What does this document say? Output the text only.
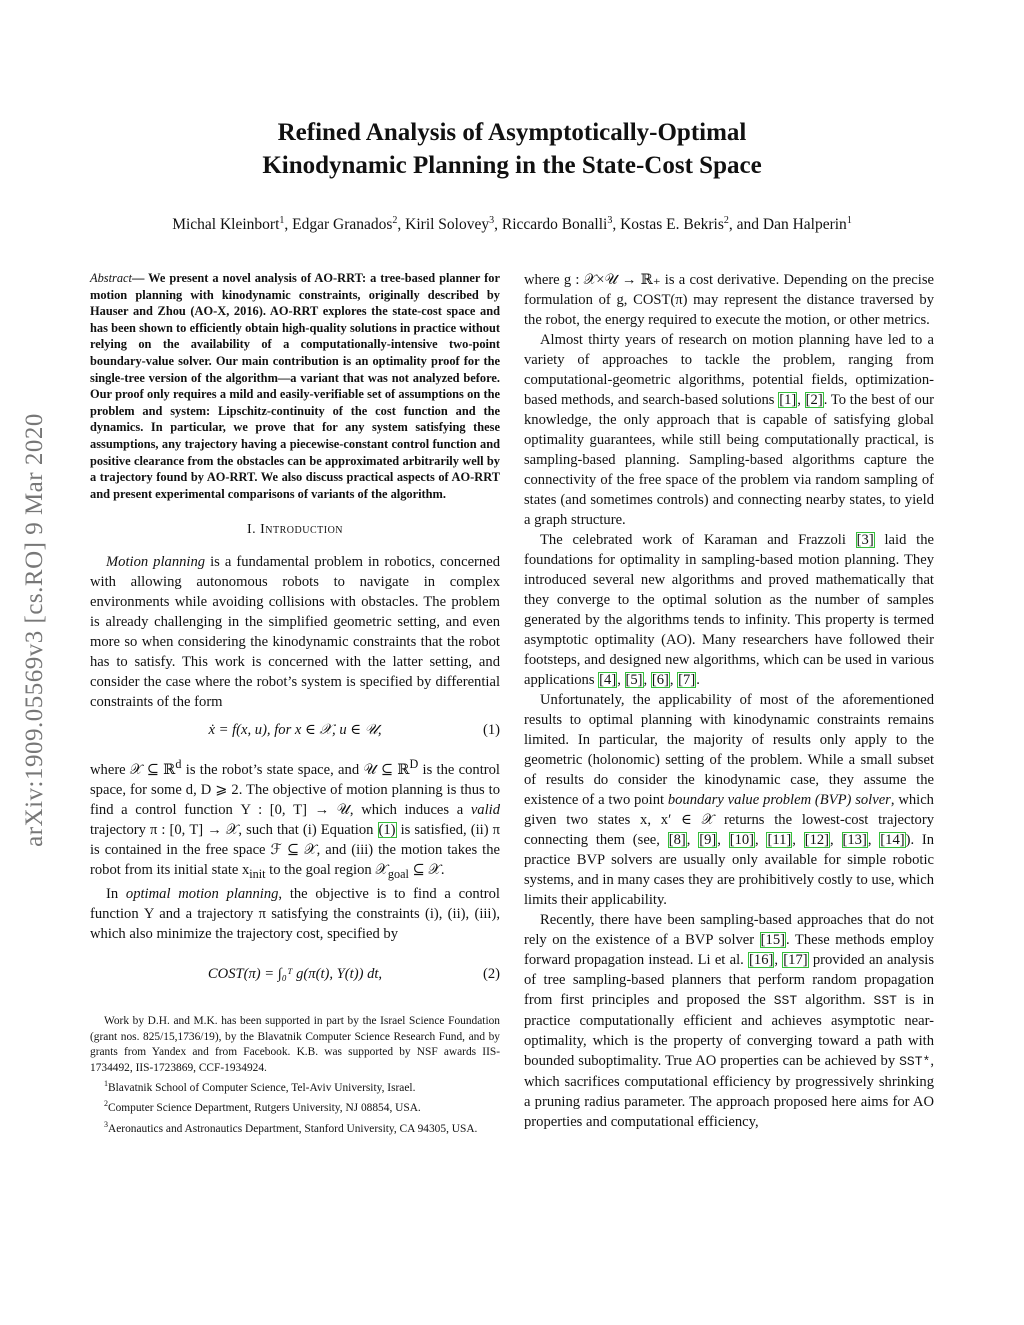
Refined Analysis of Asymptotically-Optimal
Kinodynamic Planning in the State-Cost Space
Michal Kleinbort$^1$, Edgar Granados$^2$, Kiril Solovey$^3$, Riccardo Bonalli$^3$, Kostas E. Bekris$^2$, and Dan Halperin$^1$
arXiv:1909.05569v3 [cs.RO] 9 Mar 2020

Abstract— We present a novel analysis of AO-RRT: a tree-based planner for motion planning with kinodynamic constraints, originally described by Hauser and Zhou (AO-X, 2016). AO-RRT explores the state-cost space and has been shown to efficiently obtain high-quality solutions in practice without relying on the availability of a computationally-intensive two-point boundary-value solver. Our main contribution is an optimality proof for the single-tree version of the algorithm—a variant that was not analyzed before. Our proof only requires a mild and easily-verifiable set of assumptions on the problem and system: Lipschitz-continuity of the cost function and the dynamics. In particular, we prove that for any system satisfying these assumptions, any trajectory having a piecewise-constant control function and positive clearance from the obstacles can be approximated arbitrarily well by a trajectory found by AO-RRT. We also discuss practical aspects of AO-RRT and present experimental comparisons of variants of the algorithm.

I. Introduction

Motion planning is a fundamental problem in robotics, concerned with allowing autonomous robots to navigate in complex environments while avoiding collisions with obstacles. The problem is already challenging in the simplified geometric setting, and even more so when considering the kinodynamic constraints that the robot has to satisfy. This work is concerned with the latter setting, and consider the case where the robot’s system is specified by differential constraints of the form

ẋ = f(x, u), for x ∈ 𝒳, u ∈ 𝒰,	(1)

where 𝒳 ⊆ ℝ$^d$ is the robot’s state space, and 𝒰 ⊆ ℝ$^D$ is the control space, for some d, D ⩾ 2. The objective of motion planning is thus to find a control function Υ : [0, T] → 𝒰, which induces a valid trajectory π : [0, T] → 𝒳, such that (i) Equation (1) is satisfied, (ii) π is contained in the free space ℱ ⊆ 𝒳, and (iii) the motion takes the robot from its initial state $x_{init}$ to the goal region 𝒳$_{goal}$ ⊆ 𝒳.

In optimal motion planning, the objective is to find a control function Υ and a trajectory π satisfying the constraints (i), (ii), (iii), which also minimize the trajectory cost, specified by

COST(π) = ∫₀ᵀ g(π(t), Υ(t)) dt,	(2)

Work by D.H. and M.K. has been supported in part by the Israel Science Foundation (grant nos. 825/15,1736/19), by the Blavatnik Computer Science Research Fund, and by grants from Yandex and from Facebook. K.B. was supported by NSF awards IIS-1734492, IIS-1723869, CCF-1934924.

$^1$Blavatnik School of Computer Science, Tel-Aviv University, Israel.

$^2$Computer Science Department, Rutgers University, NJ 08854, USA.

$^3$Aeronautics and Astronautics Department, Stanford University, CA 94305, USA.

where g : 𝒳×𝒰 → ℝ₊ is a cost derivative. Depending on the precise formulation of g, COST(π) may represent the distance traversed by the robot, the energy required to execute the motion, or other metrics.

Almost thirty years of research on motion planning have led to a variety of approaches to tackle the problem, ranging from computational-geometric algorithms, potential fields, optimization-based methods, and search-based solutions [1], [2]. To the best of our knowledge, the only approach that is capable of satisfying global optimality guarantees, while still being computationally practical, is sampling-based planning. Sampling-based algorithms capture the connectivity of the free space of the problem via random sampling of states (and sometimes controls) and connecting nearby states, to yield a graph structure.

The celebrated work of Karaman and Frazzoli [3] laid the foundations for optimality in sampling-based motion planning. They introduced several new algorithms and proved mathematically that they converge to the optimal solution as the number of samples generated by the algorithms tends to infinity. This property is termed asymptotic optimality (AO). Many researchers have followed their footsteps, and designed new algorithms, which can be used in various applications [4], [5], [6], [7].

Unfortunately, the applicability of most of the aforementioned results to optimal planning with kinodynamic constraints remains limited. In particular, the majority of results only apply to the geometric (holonomic) setting of the problem. While a small subset of results do consider the kinodynamic case, they assume the existence of a two point boundary value problem (BVP) solver, which given two states x, x′ ∈ 𝒳 returns the lowest-cost trajectory connecting them (see, [8], [9], [10], [11], [12], [13], [14]). In practice BVP solvers are usually only available for simple robotic systems, and in many cases they are prohibitively costly to use, which limits their applicability.

Recently, there have been sampling-based approaches that do not rely on the existence of a BVP solver [15]. These methods employ forward propagation instead. Li et al. [16], [17] provided an analysis of tree sampling-based planners that perform random propagation from first principles and proposed the SST algorithm. SST is in practice computationally efficient and achieves asymptotic near-optimality, which is the property of converging toward a path with bounded suboptimality. True AO properties can be achieved by SST*, which sacrifices computational efficiency by progressively shrinking a pruning radius parameter. The approach proposed here aims for AO properties and computational efficiency,
